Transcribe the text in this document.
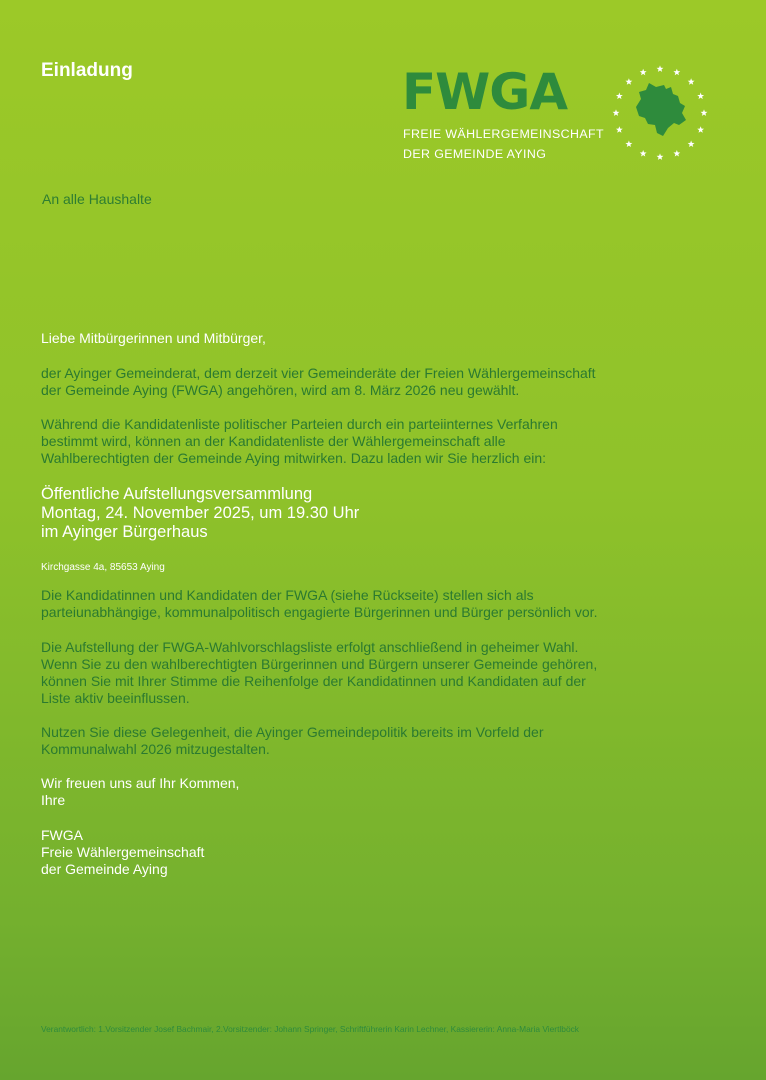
Einladung	FWGA
FREIE WÄHLERGEMEINSCHAFT
DER GEMEINDE AYING
An alle Haushalte
Liebe Mitbürgerinnen und Mitbürger,
der Ayinger Gemeinderat, dem derzeit vier Gemeinderäte der Freien Wählergemeinschaft
der Gemeinde Aying (FWGA) angehören, wird am 8. März 2026 neu gewählt.
Während die Kandidatenliste politischer Parteien durch ein parteiinternes Verfahren
bestimmt wird, können an der Kandidatenliste der Wählergemeinschaft alle
Wahlberechtigten der Gemeinde Aying mitwirken. Dazu laden wir Sie herzlich ein:
Öffentliche Aufstellungsversammlung
Montag, 24. November 2025, um 19.30 Uhr
im Ayinger Bürgerhaus
Kirchgasse 4a, 85653 Aying
Die Kandidatinnen und Kandidaten der FWGA (siehe Rückseite) stellen sich als
parteiunabhängige, kommunalpolitisch engagierte Bürgerinnen und Bürger persönlich vor.
Die Aufstellung der FWGA-Wahlvorschlagsliste erfolgt anschließend in geheimer Wahl.
Wenn Sie zu den wahlberechtigten Bürgerinnen und Bürgern unserer Gemeinde gehören,
können Sie mit Ihrer Stimme die Reihenfolge der Kandidatinnen und Kandidaten auf der
Liste aktiv beeinflussen.
Nutzen Sie diese Gelegenheit, die Ayinger Gemeindepolitik bereits im Vorfeld der
Kommunalwahl 2026 mitzugestalten.
Wir freuen uns auf Ihr Kommen,
Ihre
FWGA
Freie Wählergemeinschaft
der Gemeinde Aying
Verantwortlich: 1.Vorsitzender Josef Bachmair, 2.Vorsitzender: Johann Springer, Schriftführerin Karin Lechner, Kassiererin: Anna-Maria Viertlböck
